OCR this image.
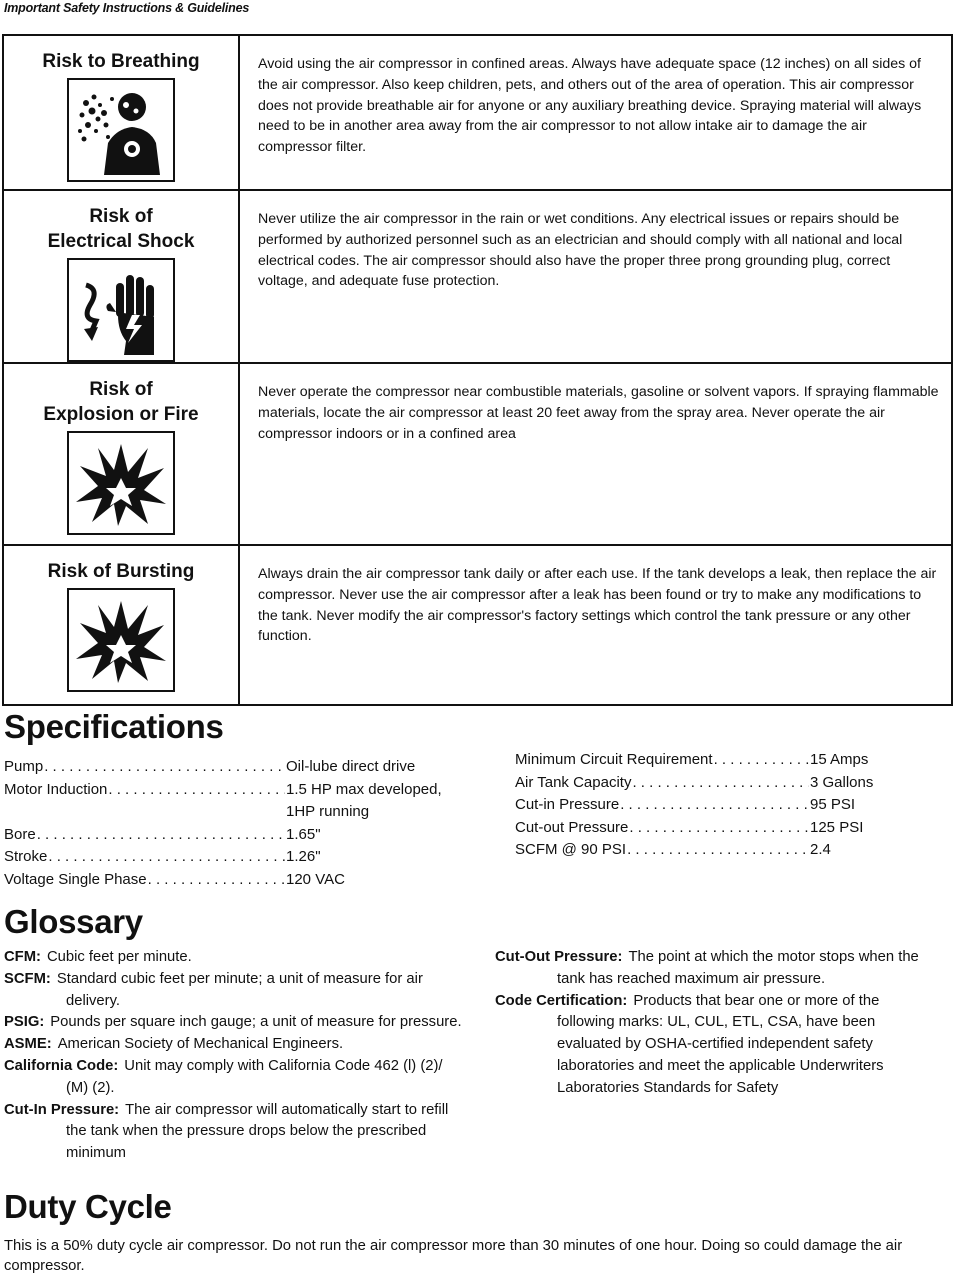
Important Safety Instructions & Guidelines
Risk to Breathing	Avoid using the air compressor in confined areas. Always have adequate space (12 inches) on all sides of the air compressor. Also keep children, pets, and others out of the area of operation. This air compressor does not provide breathable air for anyone or any auxiliary breathing device. Spraying material will always need to be in another area away from the air compressor to not allow intake air to damage the air compressor filter.

Risk of
Electrical Shock	Never utilize the air compressor in the rain or wet conditions. Any electrical issues or repairs should be performed by authorized personnel such as an electrician and should comply with all national and local electrical codes. The air compressor should also have the proper three prong grounding plug, correct voltage, and adequate fuse protection.

Risk of
Explosion or Fire	Never operate the compressor near combustible materials, gasoline or solvent vapors. If spraying flammable materials, locate the air compressor at least 20 feet away from the spray area. Never operate the air compressor indoors or in a confined area

Risk of Bursting	Always drain the air compressor tank daily or after each use. If the tank develops a leak, then replace the air compressor. Never use the air compressor after a leak has been found or try to make any modifications to the tank. Never modify the air compressor's factory settings which control the tank pressure or any other function.
Specifications
Pump . . .	Oil-lube direct drive
Motor Induction . . .	1.5 HP max developed,
1HP running
Bore . . .	1.65"
Stroke . . .	1.26"
Voltage Single Phase . . .	120 VAC
Minimum Circuit Requirement . . .	15 Amps
Air Tank Capacity . . .	3 Gallons
Cut-in Pressure . . .	95 PSI
Cut-out Pressure . . .	125 PSI
SCFM @ 90 PSI . . .	2.4
Glossary
CFM: Cubic feet per minute.
SCFM: Standard cubic feet per minute; a unit of measure for air delivery.
PSIG: Pounds per square inch gauge; a unit of measure for pressure.
ASME: American Society of Mechanical Engineers.
California Code: Unit may comply with California Code 462 (l) (2)/ (M) (2).
Cut-In Pressure: The air compressor will automatically start to refill the tank when the pressure drops below the prescribed minimum
Cut-Out Pressure: The point at which the motor stops when the tank has reached maximum air pressure.
Code Certification: Products that bear one or more of the following marks: UL, CUL, ETL, CSA, have been evaluated by OSHA-certified independent safety laboratories and meet the applicable Underwriters Laboratories Standards for Safety
Duty Cycle
This is a 50% duty cycle air compressor. Do not run the air compressor more than 30 minutes of one hour. Doing so could damage the air compressor.
